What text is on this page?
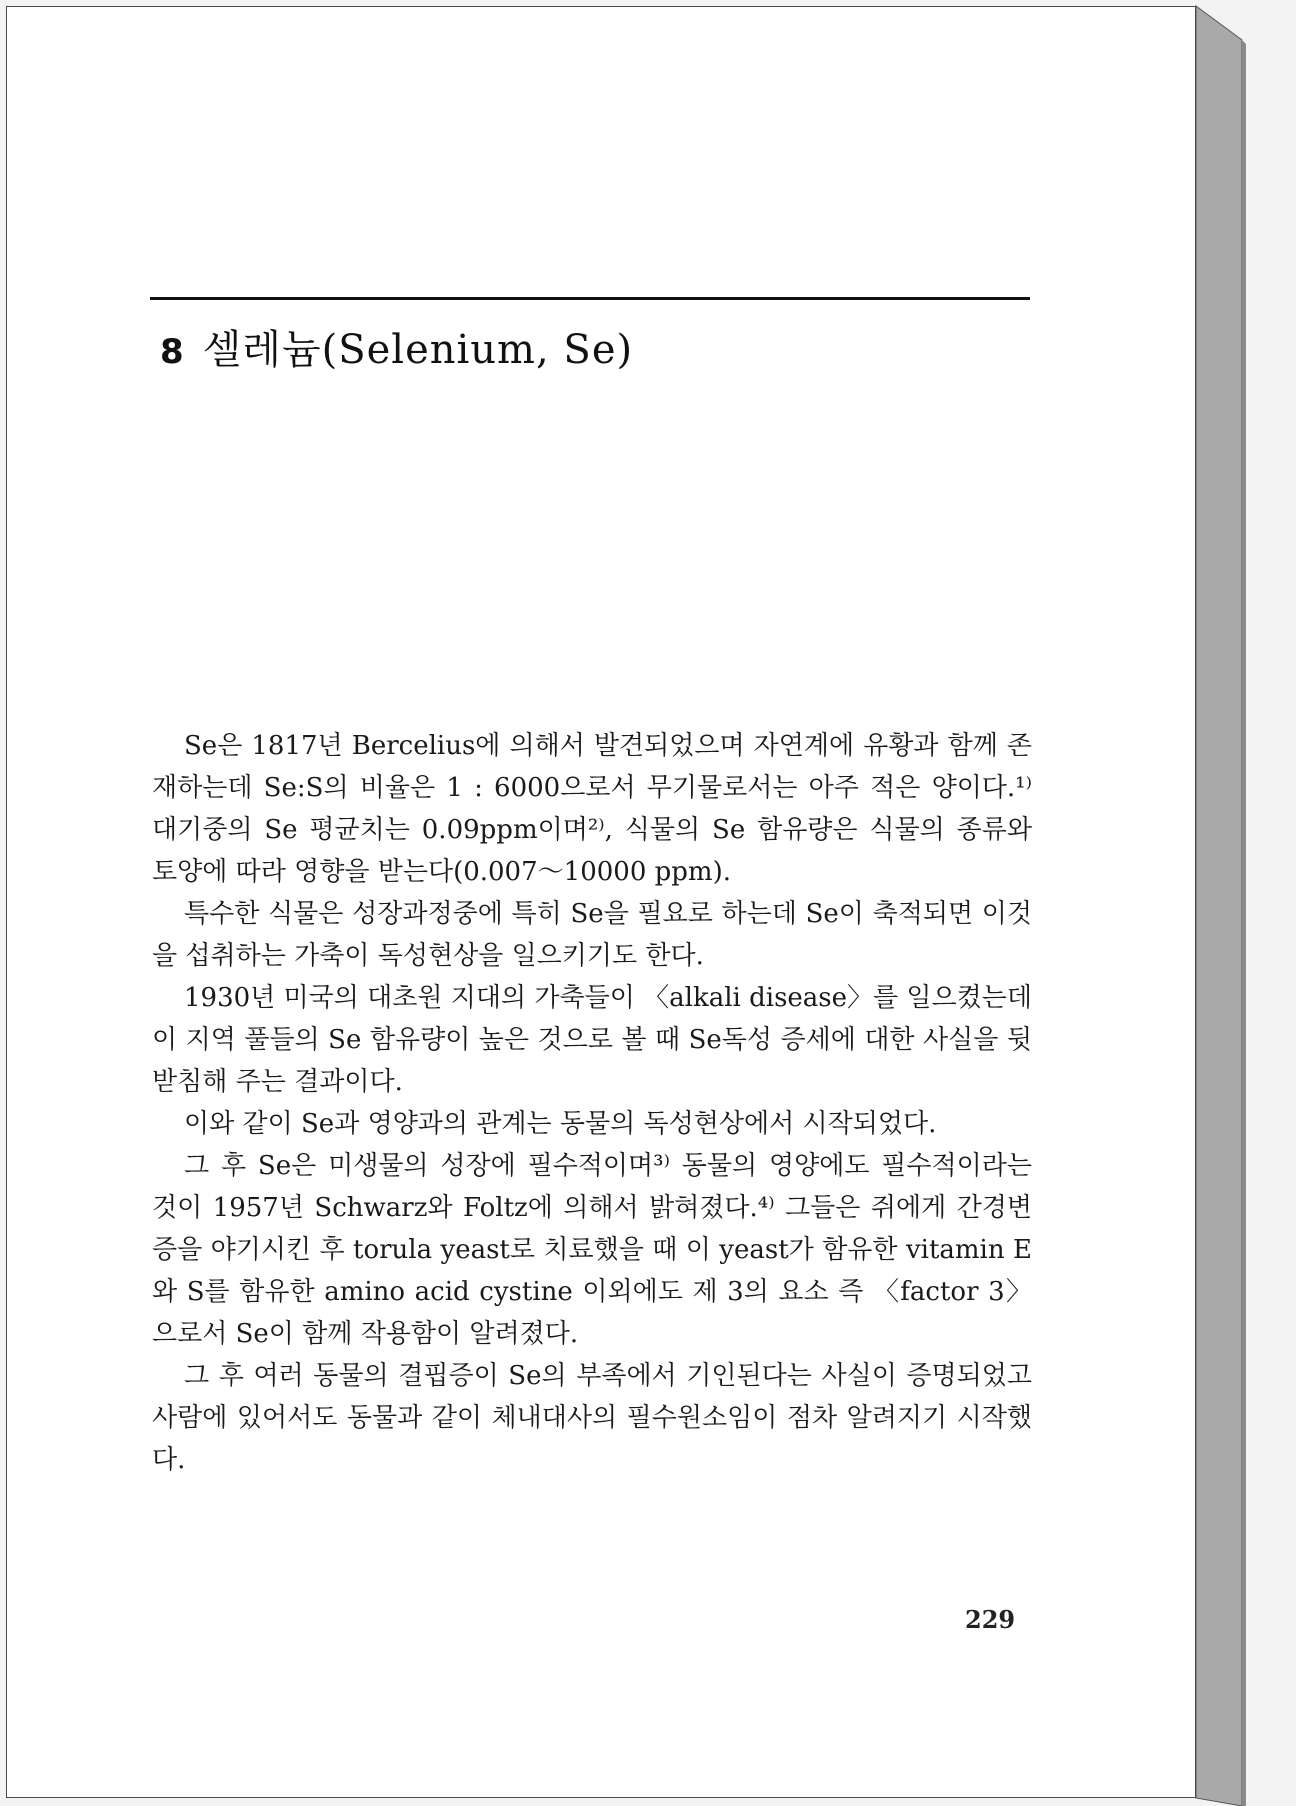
8 셀레늄(Selenium, Se)

Se은 1817년 Bercelius에 의해서 발견되었으며 자연계에 유황과 함께 존재하는데 Se:S의 비율은 1 : 6000으로서 무기물로서는 아주 적은 양이다.¹⁾ 대기중의 Se 평균치는 0.09ppm이며²⁾, 식물의 Se 함유량은 식물의 종류와 토양에 따라 영향을 받는다(0.007～10000 ppm).

특수한 식물은 성장과정중에 특히 Se을 필요로 하는데 Se이 축적되면 이것을 섭취하는 가축이 독성현상을 일으키기도 한다.

1930년 미국의 대초원 지대의 가축들이 〈alkali disease〉를 일으켰는데 이 지역 풀들의 Se 함유량이 높은 것으로 볼 때 Se독성 증세에 대한 사실을 뒷받침해 주는 결과이다.

이와 같이 Se과 영양과의 관계는 동물의 독성현상에서 시작되었다.

그 후 Se은 미생물의 성장에 필수적이며³⁾ 동물의 영양에도 필수적이라는 것이 1957년 Schwarz와 Foltz에 의해서 밝혀졌다.⁴⁾ 그들은 쥐에게 간경변증을 야기시킨 후 torula yeast로 치료했을 때 이 yeast가 함유한 vitamin E와 S를 함유한 amino acid cystine 이외에도 제 3의 요소 즉 〈factor 3〉으로서 Se이 함께 작용함이 알려졌다.

그 후 여러 동물의 결핍증이 Se의 부족에서 기인된다는 사실이 증명되었고 사람에 있어서도 동물과 같이 체내대사의 필수원소임이 점차 알려지기 시작했다.

229
